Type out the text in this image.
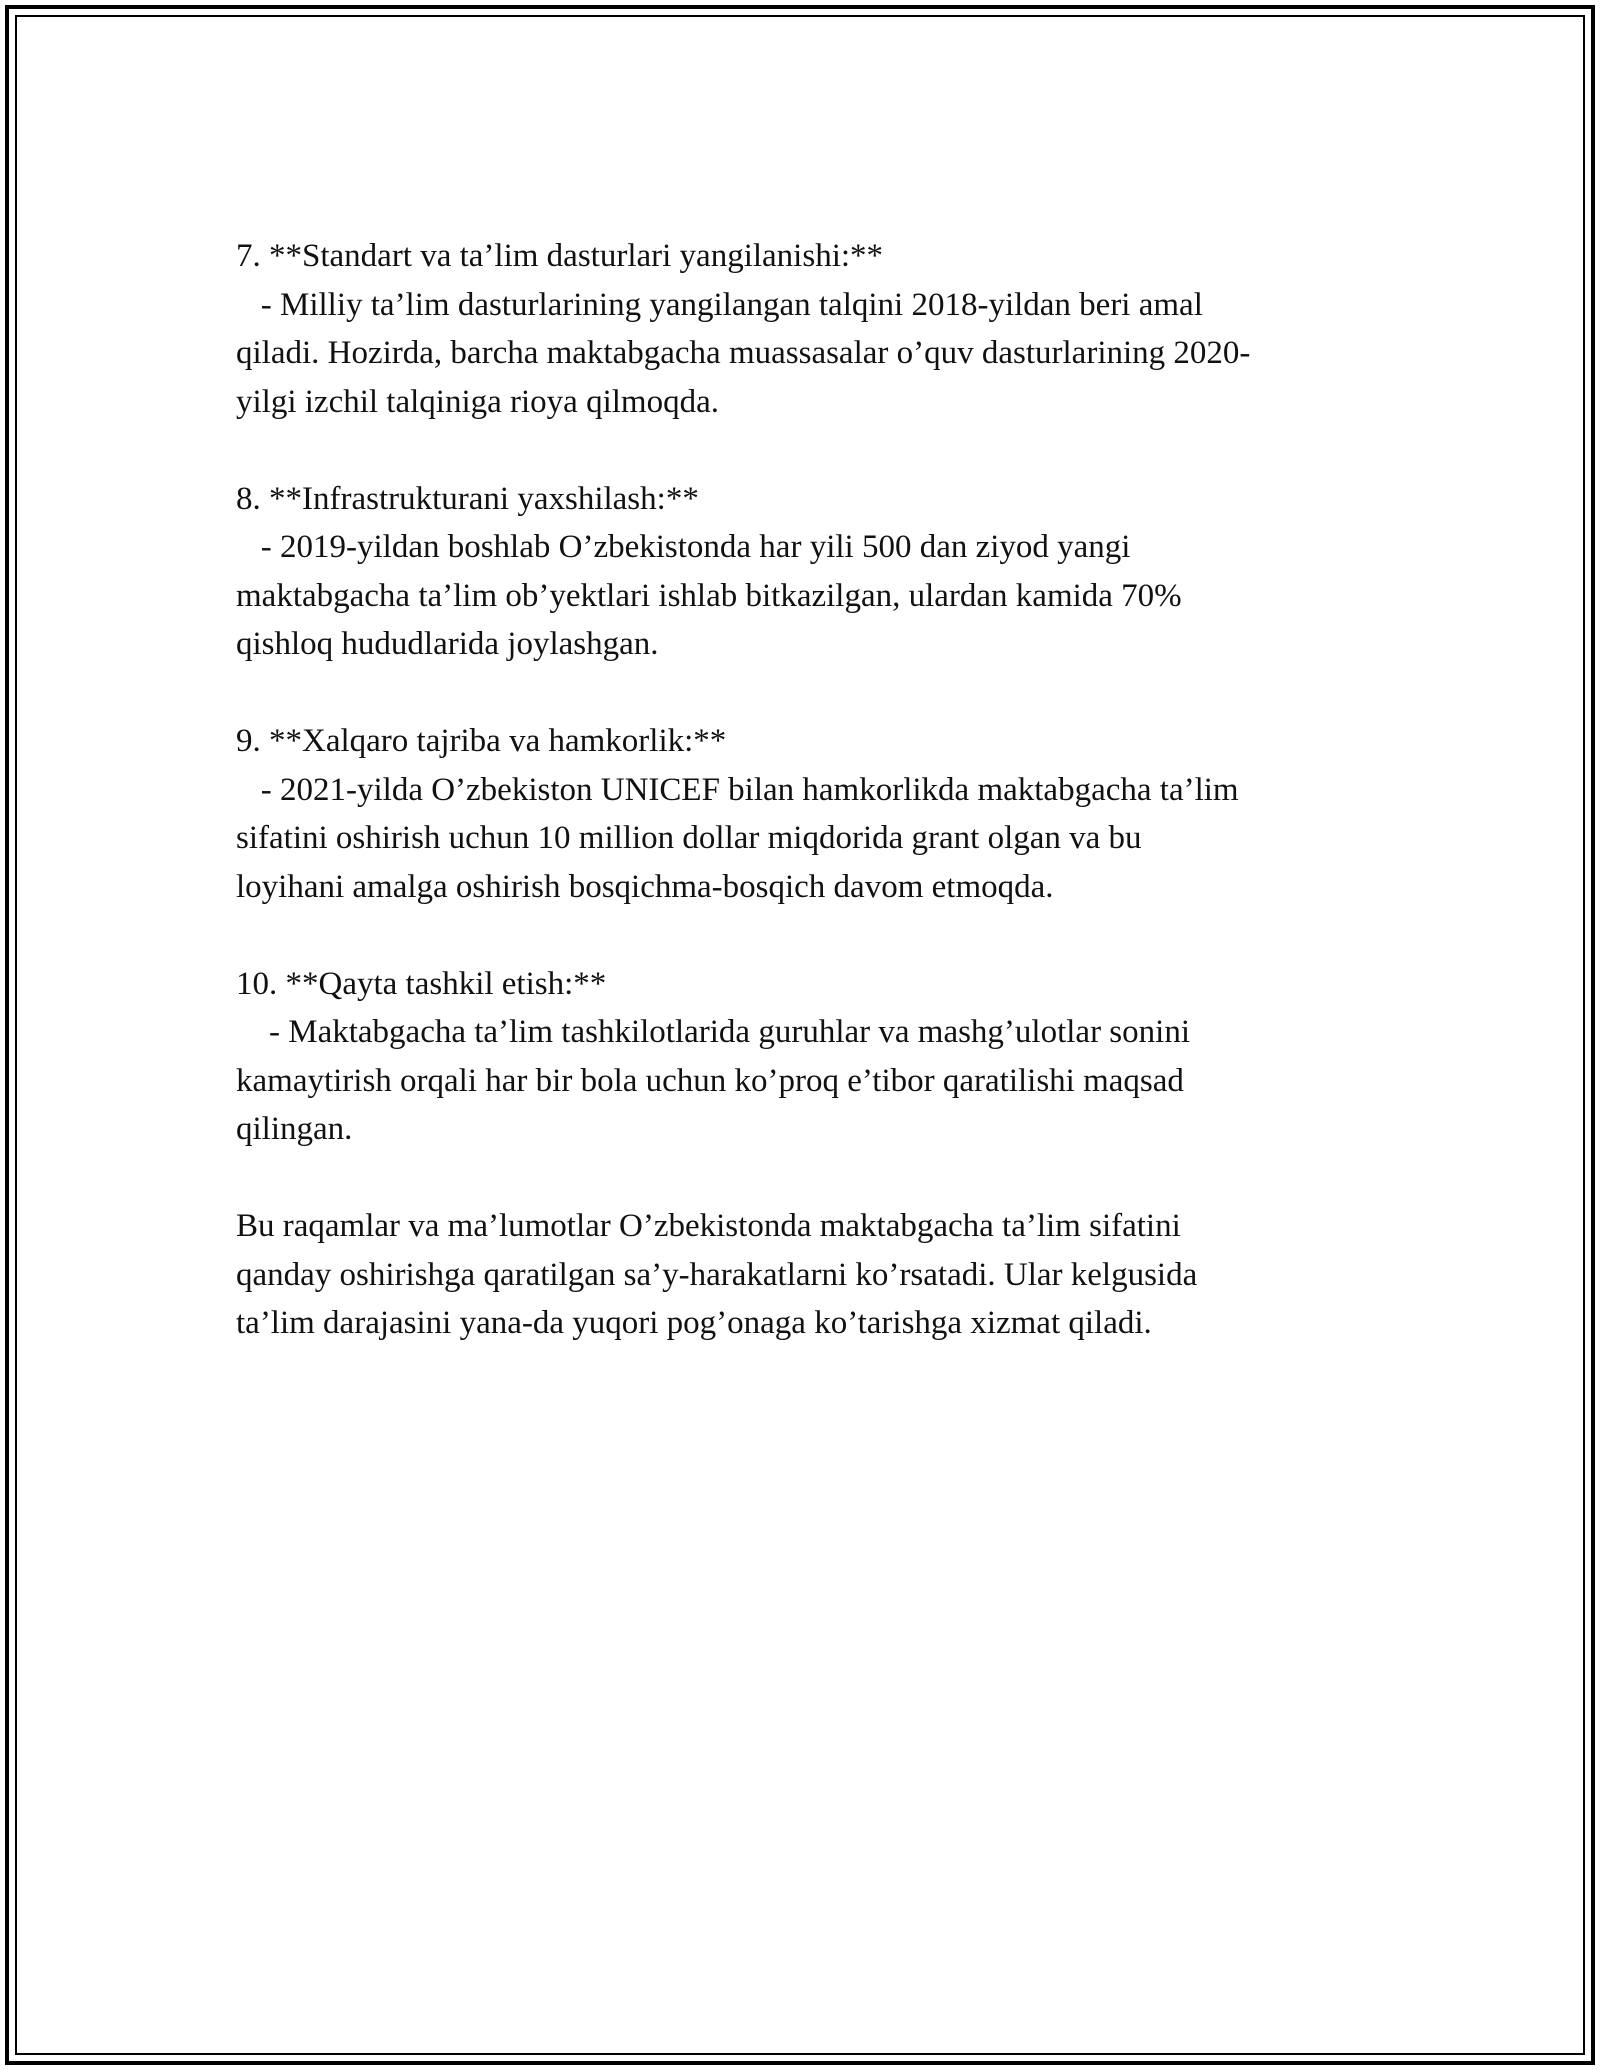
7. **Standart va ta’lim dasturlari yangilanishi:**
- Milliy ta’lim dasturlarining yangilangan talqini 2018-yildan beri amal
qiladi. Hozirda, barcha maktabgacha muassasalar o’quv dasturlarining 2020-
yilgi izchil talqiniga rioya qilmoqda.
8. **Infrastrukturani yaxshilash:**
- 2019-yildan boshlab O’zbekistonda har yili 500 dan ziyod yangi
maktabgacha ta’lim ob’yektlari ishlab bitkazilgan, ulardan kamida 70%
qishloq hududlarida joylashgan.
9. **Xalqaro tajriba va hamkorlik:**
- 2021-yilda O’zbekiston UNICEF bilan hamkorlikda maktabgacha ta’lim
sifatini oshirish uchun 10 million dollar miqdorida grant olgan va bu
loyihani amalga oshirish bosqichma-bosqich davom etmoqda.
10. **Qayta tashkil etish:**
- Maktabgacha ta’lim tashkilotlarida guruhlar va mashg’ulotlar sonini
kamaytirish orqali har bir bola uchun ko’proq e’tibor qaratilishi maqsad
qilingan.
Bu raqamlar va ma’lumotlar O’zbekistonda maktabgacha ta’lim sifatini
qanday oshirishga qaratilgan sa’y-harakatlarni ko’rsatadi. Ular kelgusida
ta’lim darajasini yana-da yuqori pog’onaga ko’tarishga xizmat qiladi.
